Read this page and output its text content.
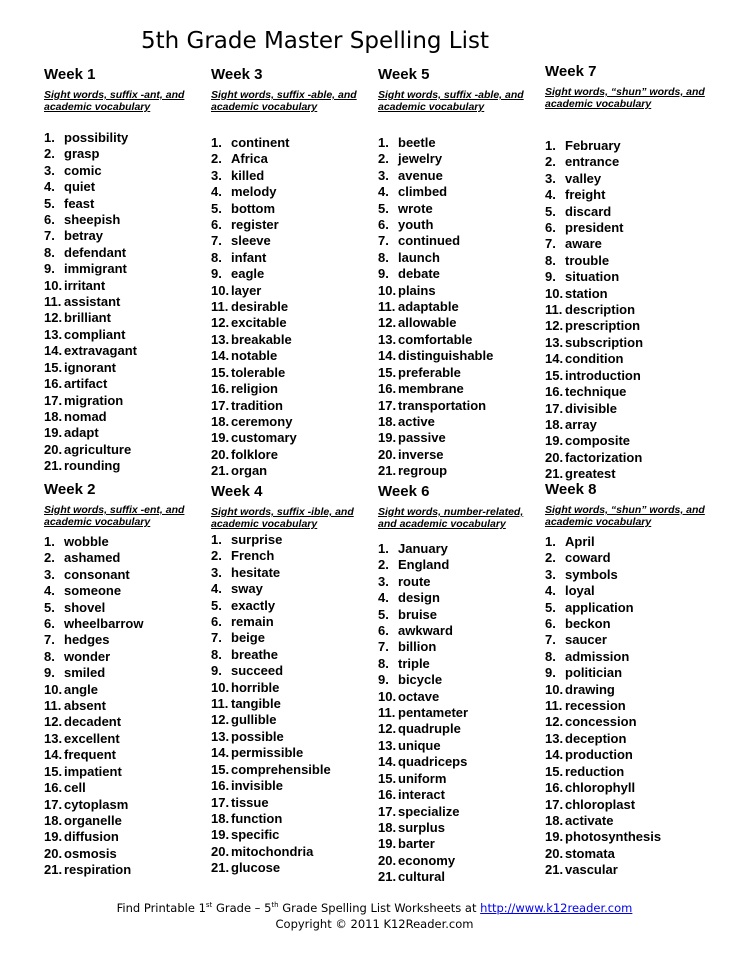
5th Grade Master Spelling List
Week 1
Sight words, suffix -ant, and academic vocabulary
1. possibility
2. grasp
3. comic
4. quiet
5. feast
6. sheepish
7. betray
8. defendant
9. immigrant
10. irritant
11. assistant
12. brilliant
13. compliant
14. extravagant
15. ignorant
16. artifact
17. migration
18. nomad
19. adapt
20. agriculture
21. rounding
Week 3
Sight words, suffix -able, and academic vocabulary
1. continent
2. Africa
3. killed
4. melody
5. bottom
6. register
7. sleeve
8. infant
9. eagle
10. layer
11. desirable
12. excitable
13. breakable
14. notable
15. tolerable
16. religion
17. tradition
18. ceremony
19. customary
20. folklore
21. organ
Week 5
Sight words, suffix -able, and academic vocabulary
1. beetle
2. jewelry
3. avenue
4. climbed
5. wrote
6. youth
7. continued
8. launch
9. debate
10. plains
11. adaptable
12. allowable
13. comfortable
14. distinguishable
15. preferable
16. membrane
17. transportation
18. active
19. passive
20. inverse
21. regroup
Week 7
Sight words, “shun” words, and academic vocabulary
1. February
2. entrance
3. valley
4. freight
5. discard
6. president
7. aware
8. trouble
9. situation
10. station
11. description
12. prescription
13. subscription
14. condition
15. introduction
16. technique
17. divisible
18. array
19. composite
20. factorization
21. greatest
Week 2
Sight words, suffix -ent, and academic vocabulary
1. wobble
2. ashamed
3. consonant
4. someone
5. shovel
6. wheelbarrow
7. hedges
8. wonder
9. smiled
10. angle
11. absent
12. decadent
13. excellent
14. frequent
15. impatient
16. cell
17. cytoplasm
18. organelle
19. diffusion
20. osmosis
21. respiration
Week 4
Sight words, suffix -ible, and academic vocabulary
1. surprise
2. French
3. hesitate
4. sway
5. exactly
6. remain
7. beige
8. breathe
9. succeed
10. horrible
11. tangible
12. gullible
13. possible
14. permissible
15. comprehensible
16. invisible
17. tissue
18. function
19. specific
20. mitochondria
21. glucose
Week 6
Sight words, number-related, and academic vocabulary
1. January
2. England
3. route
4. design
5. bruise
6. awkward
7. billion
8. triple
9. bicycle
10. octave
11. pentameter
12. quadruple
13. unique
14. quadriceps
15. uniform
16. interact
17. specialize
18. surplus
19. barter
20. economy
21. cultural
Week 8
Sight words, “shun” words, and academic vocabulary
1. April
2. coward
3. symbols
4. loyal
5. application
6. beckon
7. saucer
8. admission
9. politician
10. drawing
11. recession
12. concession
13. deception
14. production
15. reduction
16. chlorophyll
17. chloroplast
18. activate
19. photosynthesis
20. stomata
21. vascular
Find Printable 1st Grade – 5th Grade Spelling List Worksheets at http://www.k12reader.com
Copyright © 2011 K12Reader.com
